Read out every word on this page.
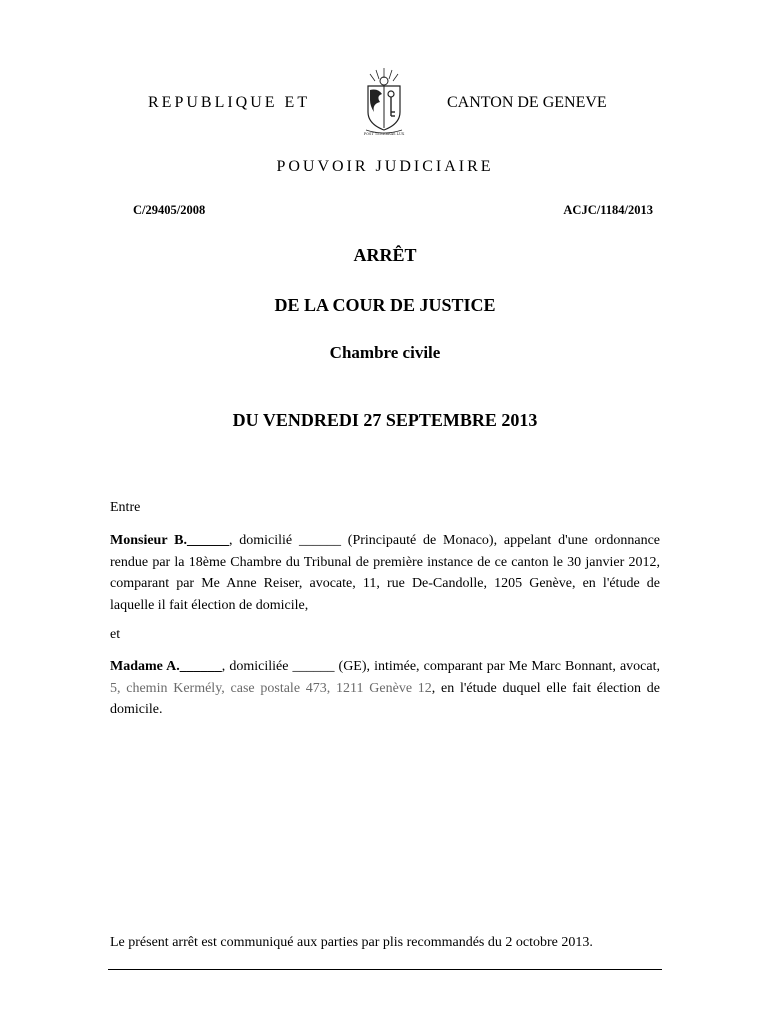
REPUBLIQUE ET
POST TENEBRAS LUX
CANTON DE GENEVE
POUVOIR JUDICIAIRE
C/29405/2008	ACJC/1184/2013
ARRÊT
DE LA COUR DE JUSTICE
Chambre civile
DU VENDREDI 27 SEPTEMBRE 2013
Entre
Monsieur B.______, domicilié ______ (Principauté de Monaco), appelant d'une ordonnance rendue par la 18ème Chambre du Tribunal de première instance de ce canton le 30 janvier 2012, comparant par Me Anne Reiser, avocate, 11, rue De-Candolle, 1205 Genève, en l'étude de laquelle il fait élection de domicile,
et
Madame A.______, domiciliée ______ (GE), intimée, comparant par Me Marc Bonnant, avocat, 5, chemin Kermély, case postale 473, 1211 Genève 12, en l'étude duquel elle fait élection de domicile.
Le présent arrêt est communiqué aux parties par plis recommandés du 2 octobre 2013.
